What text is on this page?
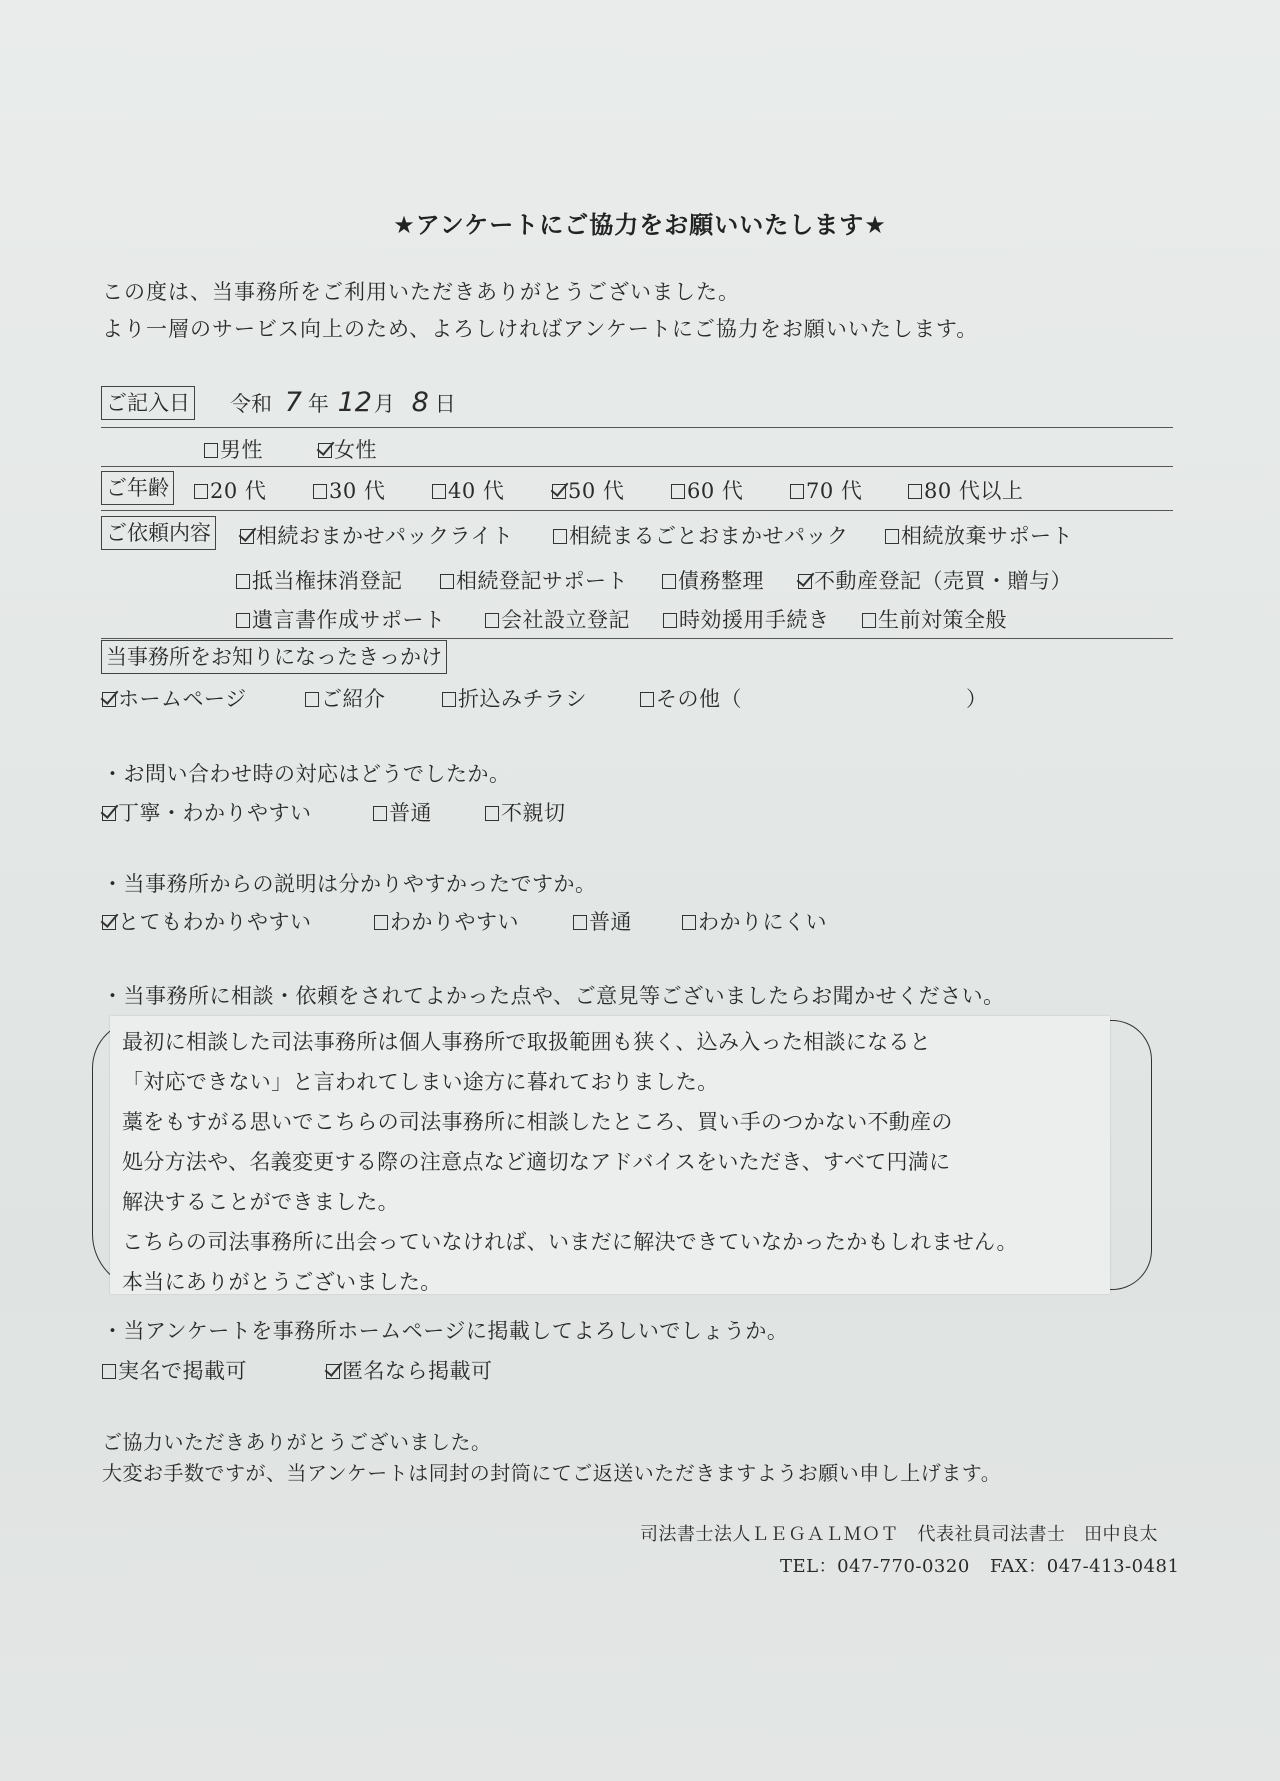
★アンケートにご協力をお願いいたします★
この度は、当事務所をご利用いただきありがとうございました。
より一層のサービス向上のため、よろしければアンケートにご協力をお願いいたします。
ご記入日 令和 7 年 12月 8 日
男性	女性
ご年齢	20 代	30 代	40 代	50 代	60 代	70 代	80 代以上
ご依頼内容	相続おまかせパックライト	相続まるごとおまかせパック	相続放棄サポート
抵当権抹消登記	相続登記サポート	債務整理	不動産登記（売買・贈与）
遺言書作成サポート	会社設立登記	時効援用手続き	生前対策全般
当事務所をお知りになったきっかけ
ホームページ	ご紹介	折込みチラシ	その他（	）
・お問い合わせ時の対応はどうでしたか。
丁寧・わかりやすい	普通	不親切
・当事務所からの説明は分かりやすかったですか。
とてもわかりやすい	わかりやすい	普通	わかりにくい
・当事務所に相談・依頼をされてよかった点や、ご意見等ございましたらお聞かせください。
最初に相談した司法事務所は個人事務所で取扱範囲も狭く、込み入った相談になると
「対応できない」と言われてしまい途方に暮れておりました。
藁をもすがる思いでこちらの司法事務所に相談したところ、買い手のつかない不動産の
処分方法や、名義変更する際の注意点など適切なアドバイスをいただき、すべて円満に
解決することができました。
こちらの司法事務所に出会っていなければ、いまだに解決できていなかったかもしれません。
本当にありがとうございました。
・当アンケートを事務所ホームページに掲載してよろしいでしょうか。
実名で掲載可	匿名なら掲載可
ご協力いただきありがとうございました。
大変お手数ですが、当アンケートは同封の封筒にてご返送いただきますようお願い申し上げます。
司法書士法人ＬＥＧＡＬＭＯＴ　代表社員司法書士　田中良太
TEL：047-770-0320 FAX：047-413-0481
